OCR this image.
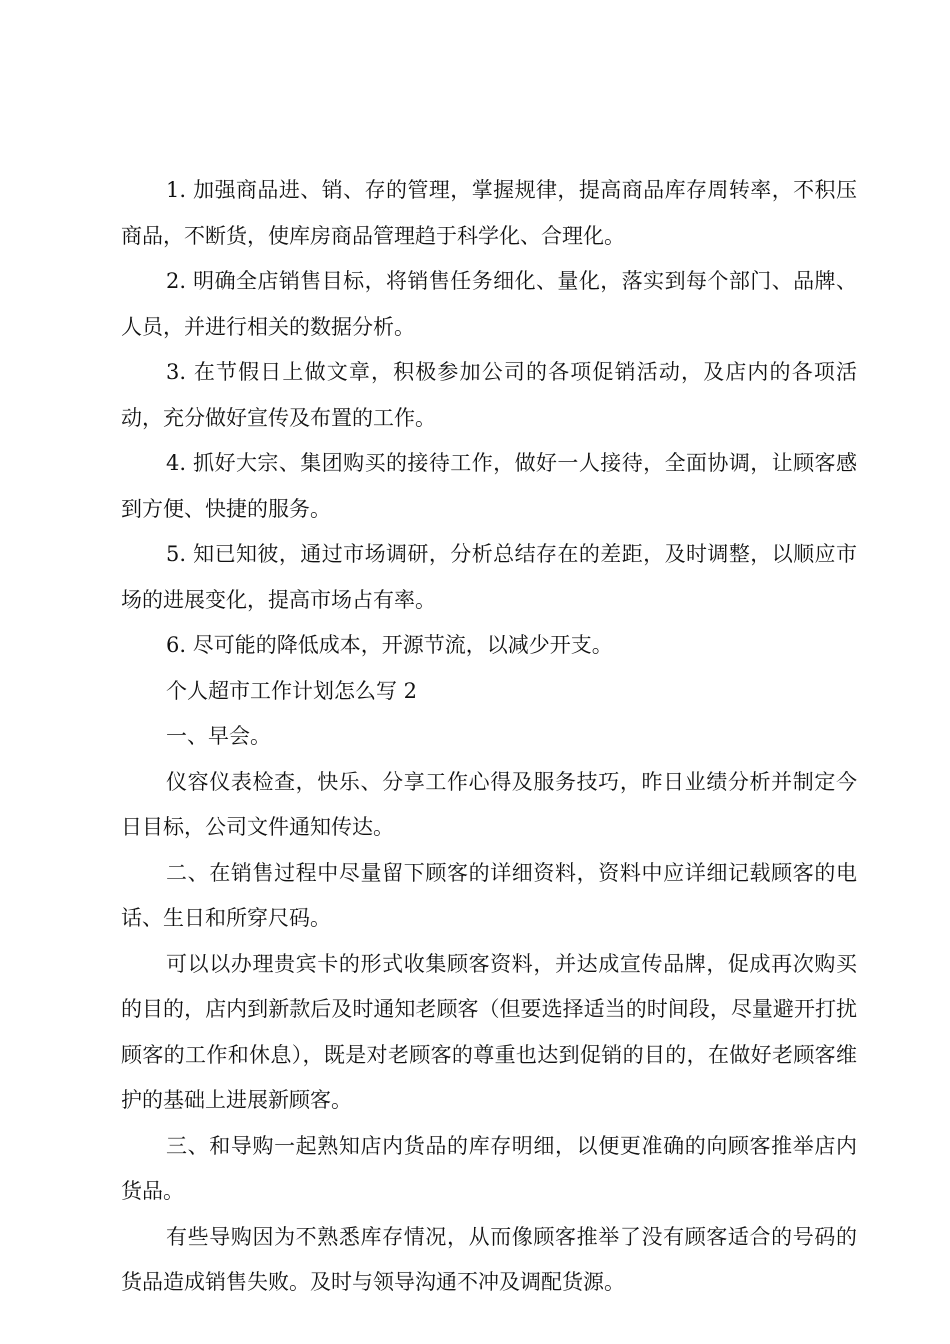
1. 加强商品进、销、存的管理，掌握规律，提高商品库存周转率，不积压商品，不断货，使库房商品管理趋于科学化、合理化。

2. 明确全店销售目标，将销售任务细化、量化，落实到每个部门、品牌、人员，并进行相关的数据分析。

3. 在节假日上做文章，积极参加公司的各项促销活动，及店内的各项活动，充分做好宣传及布置的工作。

4. 抓好大宗、集团购买的接待工作，做好一人接待，全面协调，让顾客感到方便、快捷的服务。

5. 知已知彼，通过市场调研，分析总结存在的差距，及时调整，以顺应市场的进展变化，提高市场占有率。

6. 尽可能的降低成本，开源节流，以减少开支。

个人超市工作计划怎么写 2

一、早会。

仪容仪表检查，快乐、分享工作心得及服务技巧，昨日业绩分析并制定今日目标，公司文件通知传达。

二、在销售过程中尽量留下顾客的详细资料，资料中应详细记载顾客的电话、生日和所穿尺码。

可以以办理贵宾卡的形式收集顾客资料，并达成宣传品牌，促成再次购买的目的，店内到新款后及时通知老顾客（但要选择适当的时间段，尽量避开打扰顾客的工作和休息），既是对老顾客的尊重也达到促销的目的，在做好老顾客维护的基础上进展新顾客。

三、和导购一起熟知店内货品的库存明细，以便更准确的向顾客推举店内货品。

有些导购因为不熟悉库存情况，从而像顾客推举了没有顾客适合的号码的货品造成销售失败。及时与领导沟通不冲及调配货源。
